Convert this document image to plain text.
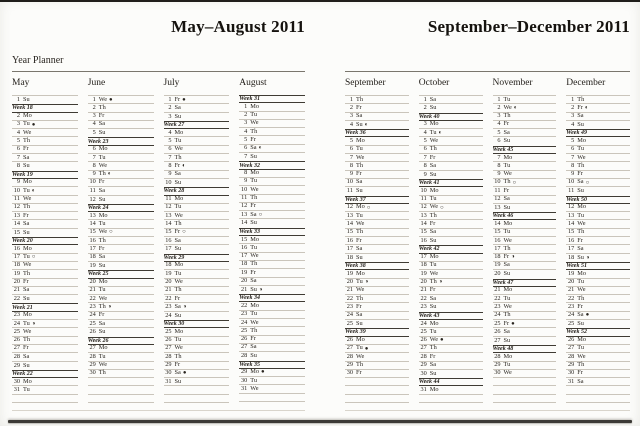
May–August 2011
Year Planner
May
1 Su
Week 18
2 Mo
3 Tu ●
4 We
5 Th
6 Fr
7 Sa
8 Su
Week 19
9 Mo
10 Tu ◐
11 We
12 Th
13 Fr
14 Sa
15 Su
Week 20
16 Mo
17 Tu ○
18 We
19 Th
20 Fr
21 Sa
22 Su
Week 21
23 Mo
24 Tu ◑
25 We
26 Th
27 Fr
28 Sa
29 Su
Week 22
30 Mo
31 Tu
June
1 We ●
2 Th
3 Fr
4 Sa
5 Su
Week 23
6 Mo
7 Tu
8 We
9 Th ◐
10 Fr
11 Sa
12 Su
Week 24
13 Mo
14 Tu
15 We ○
16 Th
17 Fr
18 Sa
19 Su
Week 25
20 Mo
21 Tu
22 We
23 Th ◑
24 Fr
25 Sa
26 Su
Week 26
27 Mo
28 Tu
29 We
30 Th
July
1 Fr ●
2 Sa
3 Su
Week 27
4 Mo
5 Tu
6 We
7 Th
8 Fr ◐
9 Sa
10 Su
Week 28
11 Mo
12 Tu
13 We
14 Th
15 Fr ○
16 Sa
17 Su
Week 29
18 Mo
19 Tu
20 We
21 Th
22 Fr
23 Sa ◑
24 Su
Week 30
25 Mo
26 Tu
27 We
28 Th
29 Fr
30 Sa ●
31 Su
August
Week 31
1 Mo
2 Tu
3 We
4 Th
5 Fr
6 Sa ◐
7 Su
Week 32
8 Mo
9 Tu
10 We
11 Th
12 Fr
13 Sa ○
14 Su
Week 33
15 Mo
16 Tu
17 We
18 Th
19 Fr
20 Sa
21 Su ◑
Week 34
22 Mo
23 Tu
24 We
25 Th
26 Fr
27 Sa
28 Su
Week 35
29 Mo ●
30 Tu
31 We
September–December 2011
September
1 Th
2 Fr
3 Sa
4 Su ◐
Week 36
5 Mo
6 Tu
7 We
8 Th
9 Fr
10 Sa
11 Su
Week 37
12 Mo ○
13 Tu
14 We
15 Th
16 Fr
17 Sa
18 Su
Week 38
19 Mo
20 Tu ◑
21 We
22 Th
23 Fr
24 Sa
25 Su
Week 39
26 Mo
27 Tu ●
28 We
29 Th
30 Fr
October
1 Sa
2 Su
Week 40
3 Mo
4 Tu ◐
5 We
6 Th
7 Fr
8 Sa
9 Su
Week 41
10 Mo
11 Tu
12 We ○
13 Th
14 Fr
15 Sa
16 Su
Week 42
17 Mo
18 Tu
19 We
20 Th ◑
21 Fr
22 Sa
23 Su
Week 43
24 Mo
25 Tu
26 We ●
27 Th
28 Fr
29 Sa
30 Su
Week 44
31 Mo
November
1 Tu
2 We ◐
3 Th
4 Fr
5 Sa
6 Su
Week 45
7 Mo
8 Tu
9 We
10 Th ○
11 Fr
12 Sa
13 Su
Week 46
14 Mo
15 Tu
16 We
17 Th
18 Fr ◑
19 Sa
20 Su
Week 47
21 Mo
22 Tu
23 We
24 Th
25 Fr ●
26 Sa
27 Su
Week 48
28 Mo
29 Tu
30 We
December
1 Th
2 Fr ◐
3 Sa
4 Su
Week 49
5 Mo
6 Tu
7 We
8 Th
9 Fr
10 Sa ○
11 Su
Week 50
12 Mo
13 Tu
14 We
15 Th
16 Fr
17 Sa
18 Su ◑
Week 51
19 Mo
20 Tu
21 We
22 Th
23 Fr
24 Sa ●
25 Su
Week 52
26 Mo
27 Tu
28 We
29 Th
30 Fr
31 Sa
